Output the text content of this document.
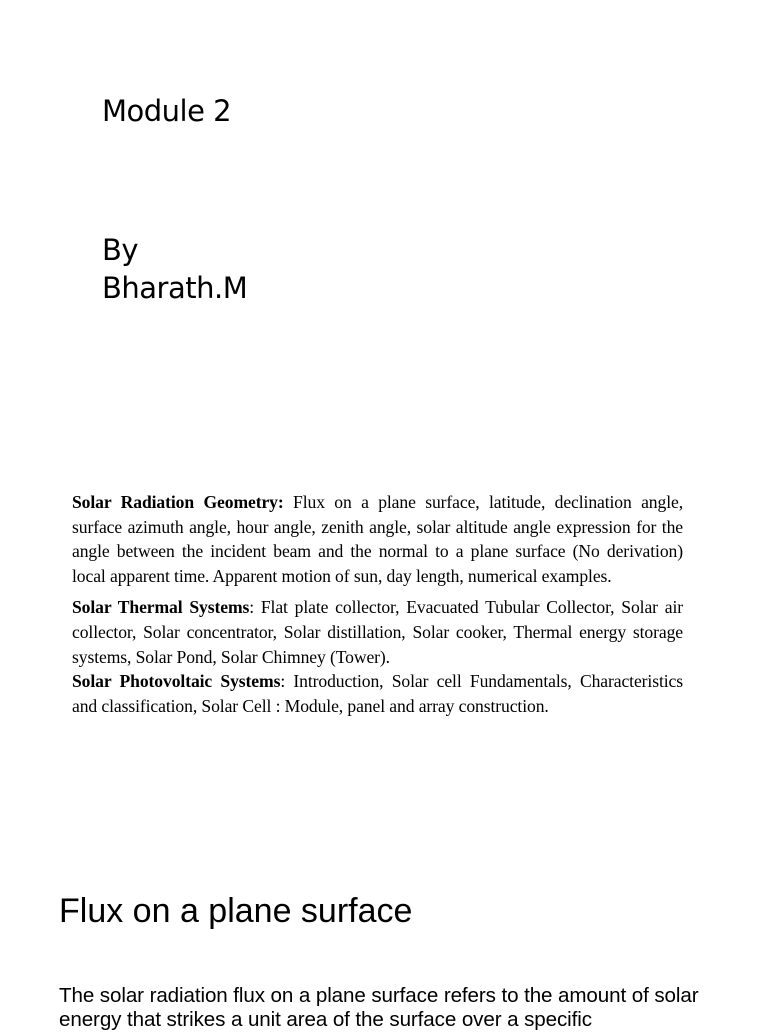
Module 2
By
Bharath.M

Solar Radiation Geometry: Flux on a plane surface, latitude, declination angle, surface azimuth angle, hour angle, zenith angle, solar altitude angle expression for the angle between the incident beam and the normal to a plane surface (No derivation) local apparent time. Apparent motion of sun, day length, numerical examples.

Solar Thermal Systems: Flat plate collector, Evacuated Tubular Collector, Solar air collector, Solar concentrator, Solar distillation, Solar cooker, Thermal energy storage systems, Solar Pond, Solar Chimney (Tower).

Solar Photovoltaic Systems: Introduction, Solar cell Fundamentals, Characteristics and classification, Solar Cell : Module, panel and array construction.

Flux on a plane surface

The solar radiation flux on a plane surface refers to the amount of solar energy that strikes a unit area of the surface over a specific
